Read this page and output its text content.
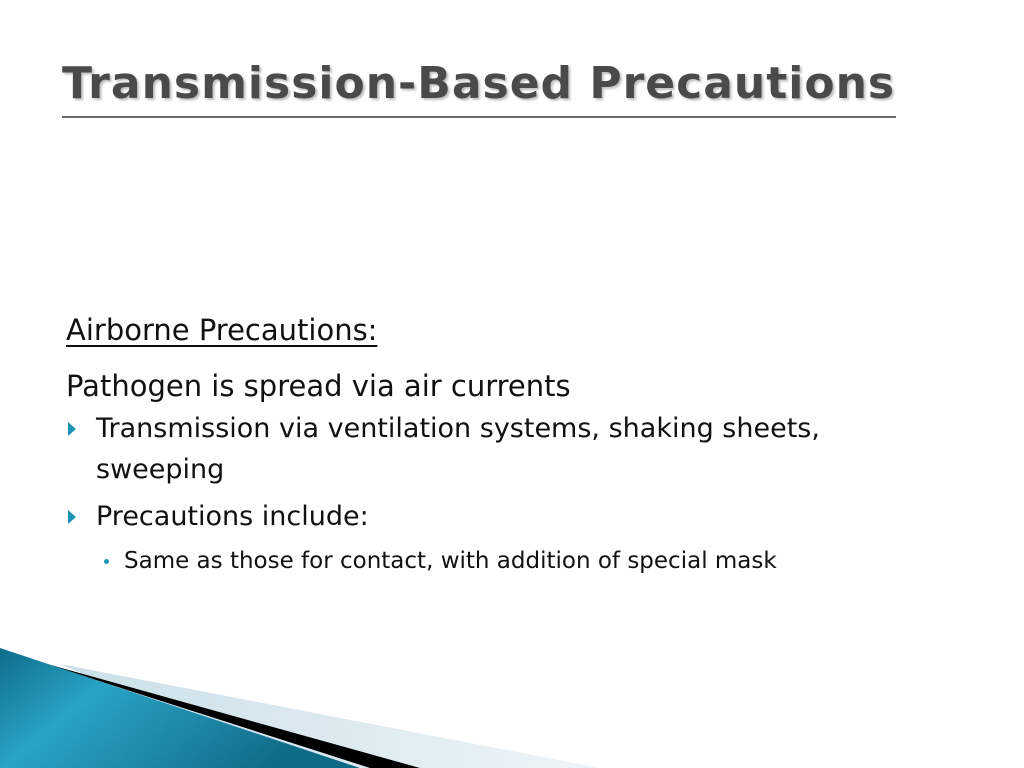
Transmission-Based Precautions

Airborne Precautions:

Pathogen is spread via air currents

Transmission via ventilation systems, shaking sheets, sweeping
Precautions include:
Same as those for contact, with addition of special mask
